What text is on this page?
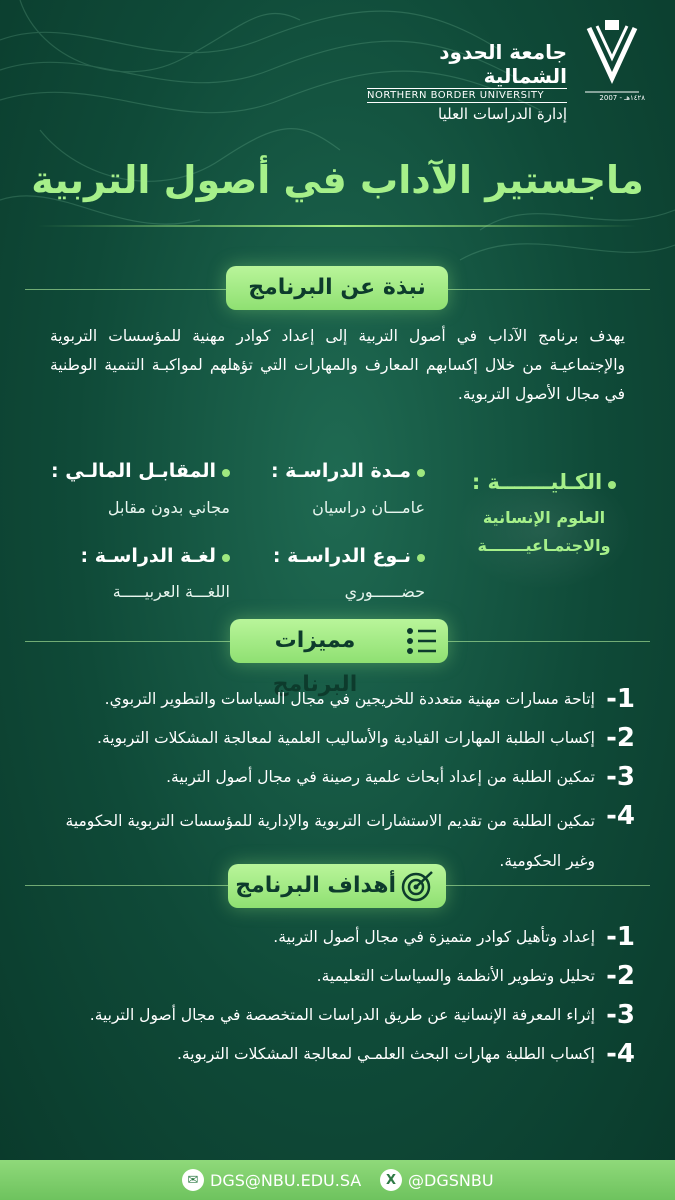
2007 - ١٤٢٨هـ
جامعة الحدود الشمالية
NORTHERN BORDER UNIVERSITY
إدارة الدراسات العليا
ماجستير الآداب في أصول التربية
نبذة عن البرنامج
يهدف برنامج الآداب في أصول التربية إلى إعداد كوادر مهنية للمؤسسات التربوية والإجتماعيـة من خلال إكسابهم المعارف والمهارات التي تؤهلهم لمواكبـة التنمية الوطنية في مجال الأصول التربوية.
الكـليـــــــة :
العلوم الإنسانية والاجتمـاعيـــــــة
مـدة الدراسـة :
عامـــان دراسيان
نـوع الدراسـة :
حضــــــوري
المقابـل المالـي :
مجاني بدون مقابل
لغـة الدراسـة :
اللغـــة العربيـــــة
مميزات البرنامج	1-
إتاحة مسارات مهنية متعددة للخريجين في مجال السياسات والتطوير التربوي.
2-
إكساب الطلبة المهارات القيادية والأساليب العلمية لمعالجة المشكلات التربوية.
3-
تمكين الطلبة من إعداد أبحاث علمية رصينة في مجال أصول التربية.
4-
تمكين الطلبة من تقديم الاستشارات التربوية والإدارية للمؤسسات التربوية الحكومية وغير الحكومية.
أهداف البرنامج
1-
إعداد وتأهيل كوادر متميزة في مجال أصول التربية.
2-
تحليل وتطوير الأنظمة والسياسات التعليمية.
3-
إثراء المعرفة الإنسانية عن طريق الدراسات المتخصصة في مجال أصول التربية.
4-
إكساب الطلبة مهارات البحث العلمـي لمعالجة المشكلات التربوية.
✉ DGS@NBU.EDU.SA	X @DGSNBU
